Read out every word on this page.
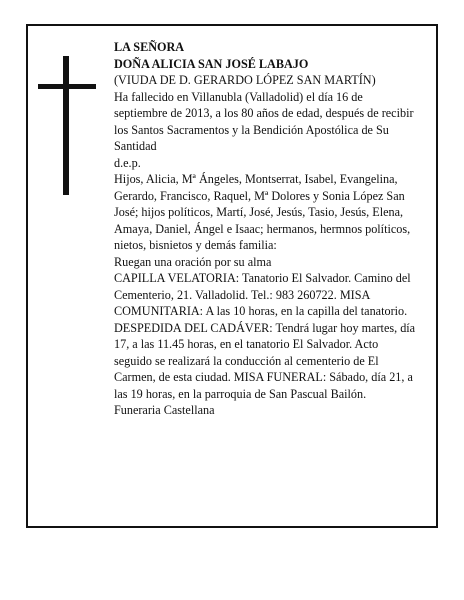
LA SEÑORA

DOÑA ALICIA SAN JOSÉ LABAJO

(VIUDA DE D. GERARDO LÓPEZ SAN MARTÍN)

Ha fallecido en Villanubla (Valladolid) el día 16 de septiembre de 2013, a los 80 años de edad, después de recibir los Santos Sacramentos y la Bendición Apostólica de Su Santidad

d.e.p.

Hijos, Alicia, Mª Ángeles, Montserrat, Isabel, Evangelina, Gerardo, Francisco, Raquel, Mª Dolores y Sonia López San José; hijos políticos, Martí, José, Jesús, Tasio, Jesús, Elena, Amaya, Daniel, Ángel e Isaac; hermanos, hermnos políticos, nietos, bisnietos y demás familia:

Ruegan una oración por su alma

CAPILLA VELATORIA: Tanatorio El Salvador. Camino del Cementerio, 21. Valladolid. Tel.: 983 260722. MISA COMUNITARIA: A las 10 horas, en la capilla del tanatorio.

DESPEDIDA DEL CADÁVER: Tendrá lugar hoy martes, día 17, a las 11.45 horas, en el tanatorio El Salvador. Acto seguido se realizará la conducción al cementerio de El Carmen, de esta ciudad. MISA FUNERAL: Sábado, día 21, a las 19 horas, en la parroquia de San Pascual Bailón.

Funeraria Castellana
